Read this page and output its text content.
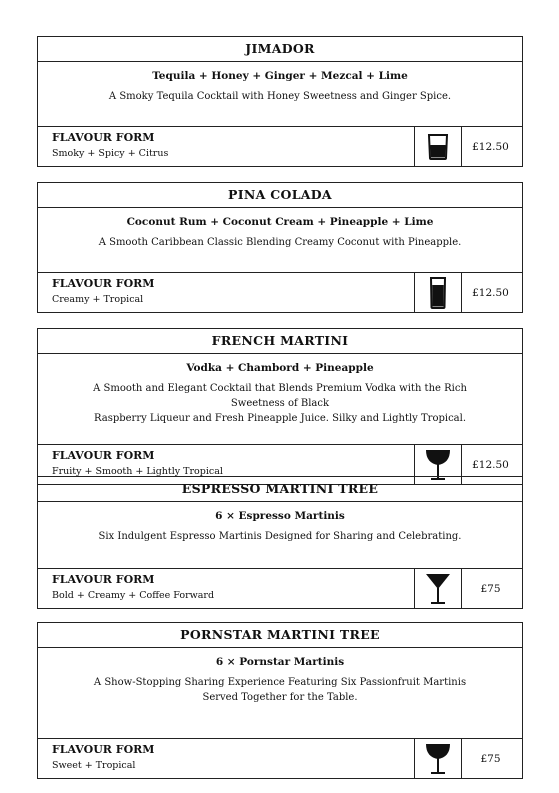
JIMADOR

Tequila + Honey + Ginger + Mezcal + Lime

A Smoky Tequila Cocktail with Honey Sweetness and Ginger Spice.

FLAVOUR FORM
Smoky + Spicy + Citrus
£12.50
PINA COLADA

Coconut Rum + Coconut Cream + Pineapple + Lime

A Smooth Caribbean Classic Blending Creamy Coconut with Pineapple.

FLAVOUR FORM
Creamy + Tropical
£12.50
FRENCH MARTINI

Vodka + Chambord + Pineapple

A Smooth and Elegant Cocktail that Blends Premium Vodka with the Rich Sweetness of Black

Raspberry Liqueur and Fresh Pineapple Juice. Silky and Lightly Tropical.

FLAVOUR FORM
Fruity + Smooth + Lightly Tropical
£12.50
ESPRESSO MARTINI TREE

6 × Espresso Martinis

Six Indulgent Espresso Martinis Designed for Sharing and Celebrating.

FLAVOUR FORM
Bold + Creamy + Coffee Forward
£75
PORNSTAR MARTINI TREE

6 × Pornstar Martinis

A Show-Stopping Sharing Experience Featuring Six Passionfruit Martinis

Served Together for the Table.

FLAVOUR FORM
Sweet + Tropical
£75
